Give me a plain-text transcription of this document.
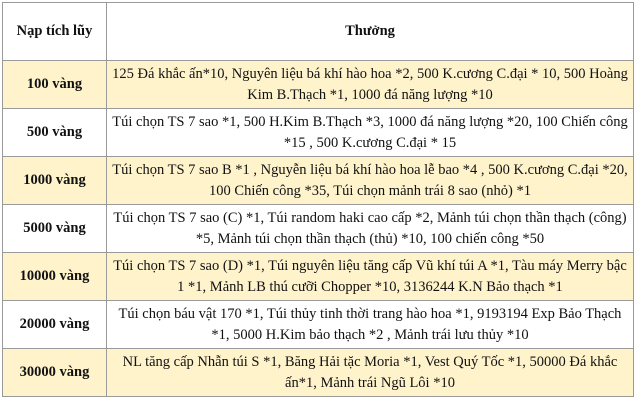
Nạp tích lũy	Thưởng
100 vàng	125 Đá khắc ấn*10, Nguyên liệu bá khí hào hoa *2, 500 K.cương C.đại * 10, 500 Hoàng Kim B.Thạch *1, 1000 đá năng lượng *10
500 vàng	Túi chọn TS 7 sao *1, 500 H.Kim B.Thạch *3, 1000 đá năng lượng *20, 100 Chiến công *15 , 500 K.cương C.đại * 15
1000 vàng	Túi chọn TS 7 sao B *1 , Nguyễn liệu bá khí hào hoa lễ bao *4 , 500 K.cương C.đại *20, 100 Chiến công *35, Túi chọn mảnh trái 8 sao (nhỏ) *1
5000 vàng	Túi chọn TS 7 sao (C) *1, Túi random haki cao cấp *2, Mảnh túi chọn thần thạch (công) *5, Mảnh túi chọn thần thạch (thủ) *10, 100 chiến công *50
10000 vàng	Túi chọn TS 7 sao (D) *1, Túi nguyên liệu tăng cấp Vũ khí túi A *1, Tàu máy Merry bậc 1 *1, Mảnh LB thú cưỡi Chopper *10, 3136244 K.N Bảo thạch *1
20000 vàng	Túi chọn báu vật 170 *1, Túi thủy tinh thời trang hào hoa *1, 9193194 Exp Bảo Thạch *1, 5000 H.Kim bảo thạch *2 , Mảnh trái lưu thủy *10
30000 vàng	NL tăng cấp Nhẫn túi S *1, Băng Hải tặc Moria *1, Vest Quý Tốc *1, 50000 Đá khắc ấn*1, Mảnh trái Ngũ Lôi *10
